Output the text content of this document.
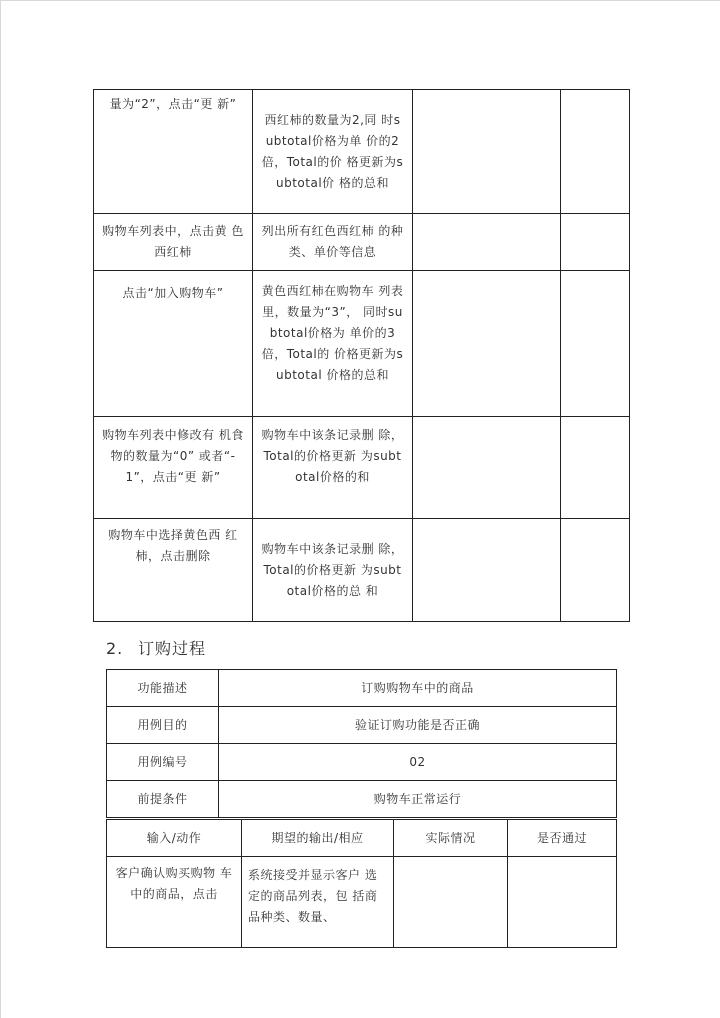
量为“2”，点击“更 新”	西红柿的数量为2,同 时subtotal价格为单 价的2倍，Total的价 格更新为subtotal价 格的总和		
购物车列表中，点击黄 色西红柿	列出所有红色西红柿 的种类、单价等信息		
点击“加入购物车”	黄色西红柿在购物车 列表里，数量为“3”， 同时subtotal价格为 单价的3倍，Total的 价格更新为subtotal 价格的总和		
购物车列表中修改有 机食物的数量为“0” 或者“-1”，点击“更 新”	购物车中该条记录删 除，Total的价格更新 为subtotal价格的和		
购物车中选择黄色西 红柿，点击删除	购物车中该条记录删 除，Total的价格更新 为subtotal价格的总 和		
2. 订购过程
功能描述	订购购物车中的商品
用例目的	验证订购功能是否正确
用例编号	02
前提条件	购物车正常运行
输入/动作	期望的输出/相应	实际情况	是否通过
客户确认购买购物 车中的商品，点击	系统接受并显示客户 选定的商品列表，包 括商品种类、数量、		
